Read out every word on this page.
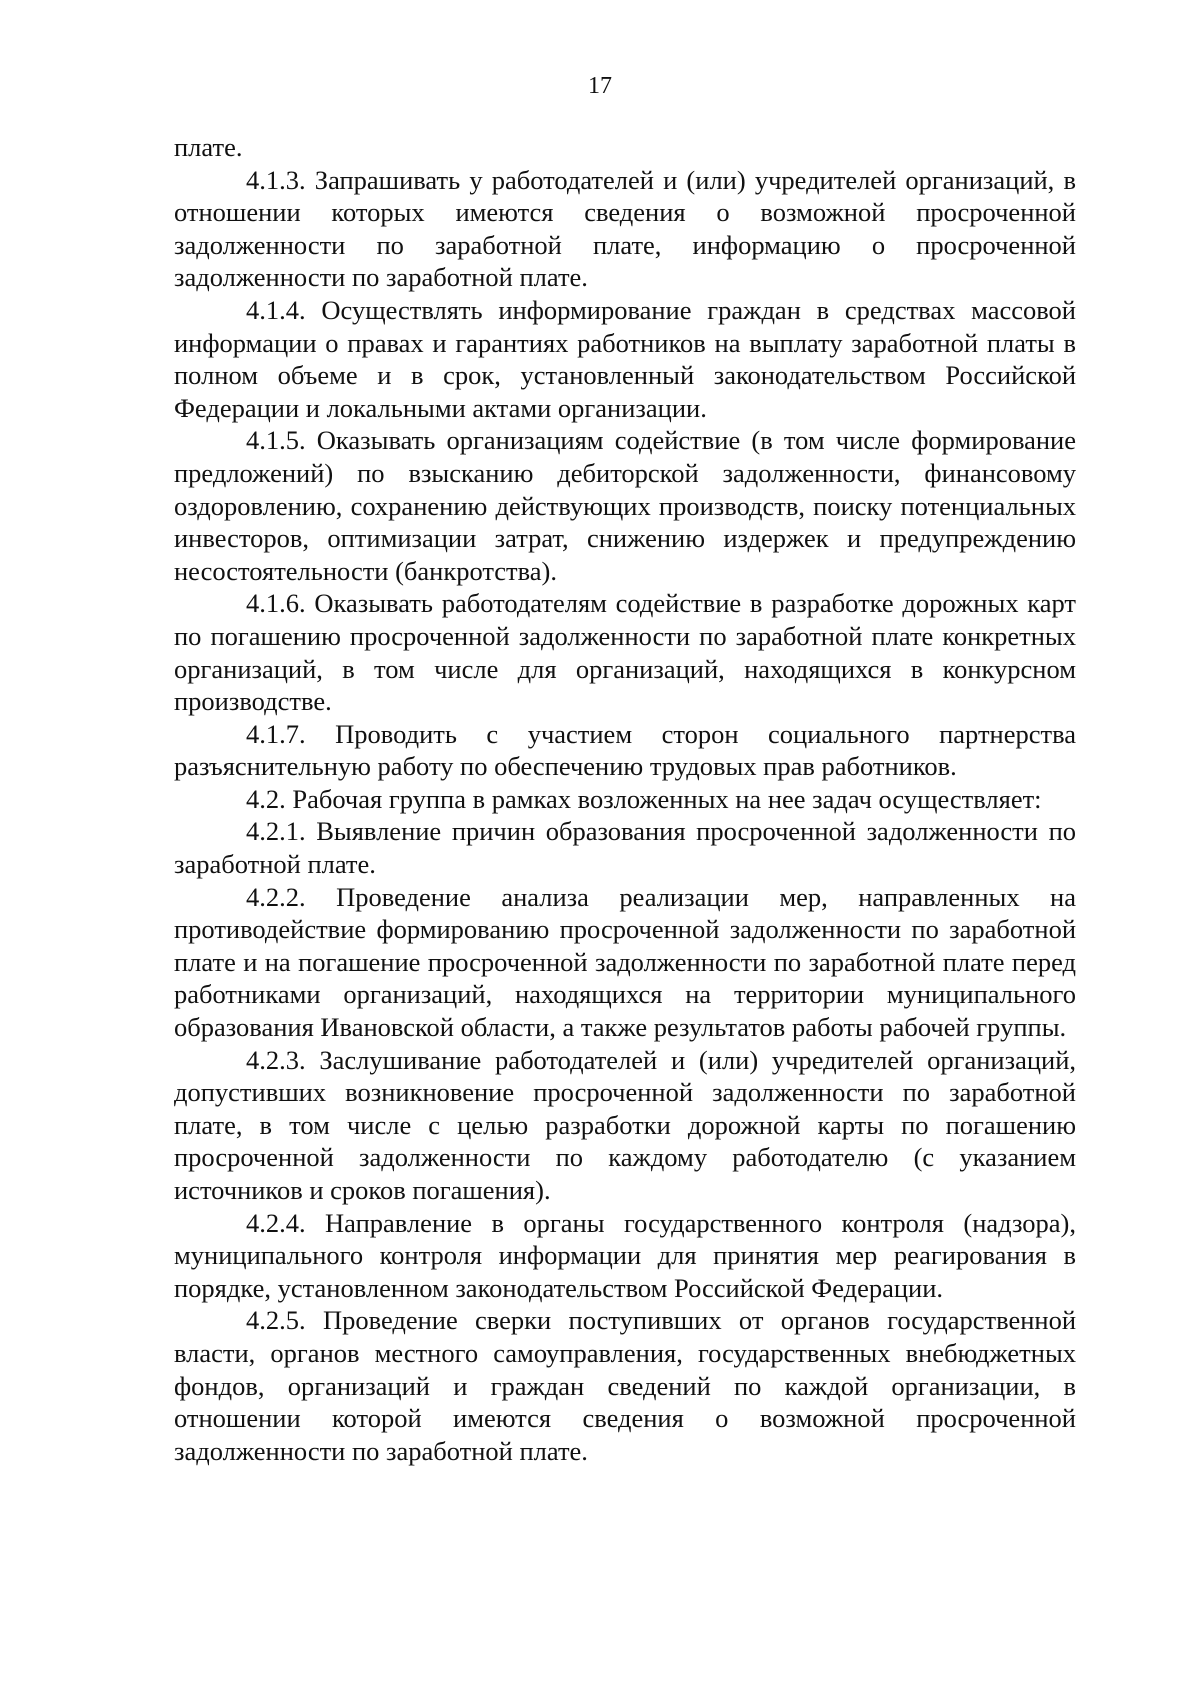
17

плате.

4.1.3. Запрашивать у работодателей и (или) учредителей организаций, в отношении которых имеются сведения о возможной просроченной задолженности по заработной плате, информацию о просроченной задолженности по заработной плате.

4.1.4. Осуществлять информирование граждан в средствах массовой информации о правах и гарантиях работников на выплату заработной платы в полном объеме и в срок, установленный законодательством Российской Федерации и локальными актами организации.

4.1.5. Оказывать организациям содействие (в том числе формирование предложений) по взысканию дебиторской задолженности, финансовому оздоровлению, сохранению действующих производств, поиску потенциальных инвесторов, оптимизации затрат, снижению издержек и предупреждению несостоятельности (банкротства).

4.1.6. Оказывать работодателям содействие в разработке дорожных карт по погашению просроченной задолженности по заработной плате конкретных организаций, в том числе для организаций, находящихся в конкурсном производстве.

4.1.7. Проводить с участием сторон социального партнерства разъяснительную работу по обеспечению трудовых прав работников.

4.2. Рабочая группа в рамках возложенных на нее задач осуществляет:

4.2.1. Выявление причин образования просроченной задолженности по заработной плате.

4.2.2. Проведение анализа реализации мер, направленных на противодействие формированию просроченной задолженности по заработной плате и на погашение просроченной задолженности по заработной плате перед работниками организаций, находящихся на территории муниципального образования Ивановской области, а также результатов работы рабочей группы.

4.2.3. Заслушивание работодателей и (или) учредителей организаций, допустивших возникновение просроченной задолженности по заработной плате, в том числе с целью разработки дорожной карты по погашению просроченной задолженности по каждому работодателю (с указанием источников и сроков погашения).

4.2.4. Направление в органы государственного контроля (надзора), муниципального контроля информации для принятия мер реагирования в порядке, установленном законодательством Российской Федерации.

4.2.5. Проведение сверки поступивших от органов государственной власти, органов местного самоуправления, государственных внебюджетных фондов, организаций и граждан сведений по каждой организации, в отношении которой имеются сведения о возможной просроченной задолженности по заработной плате.
